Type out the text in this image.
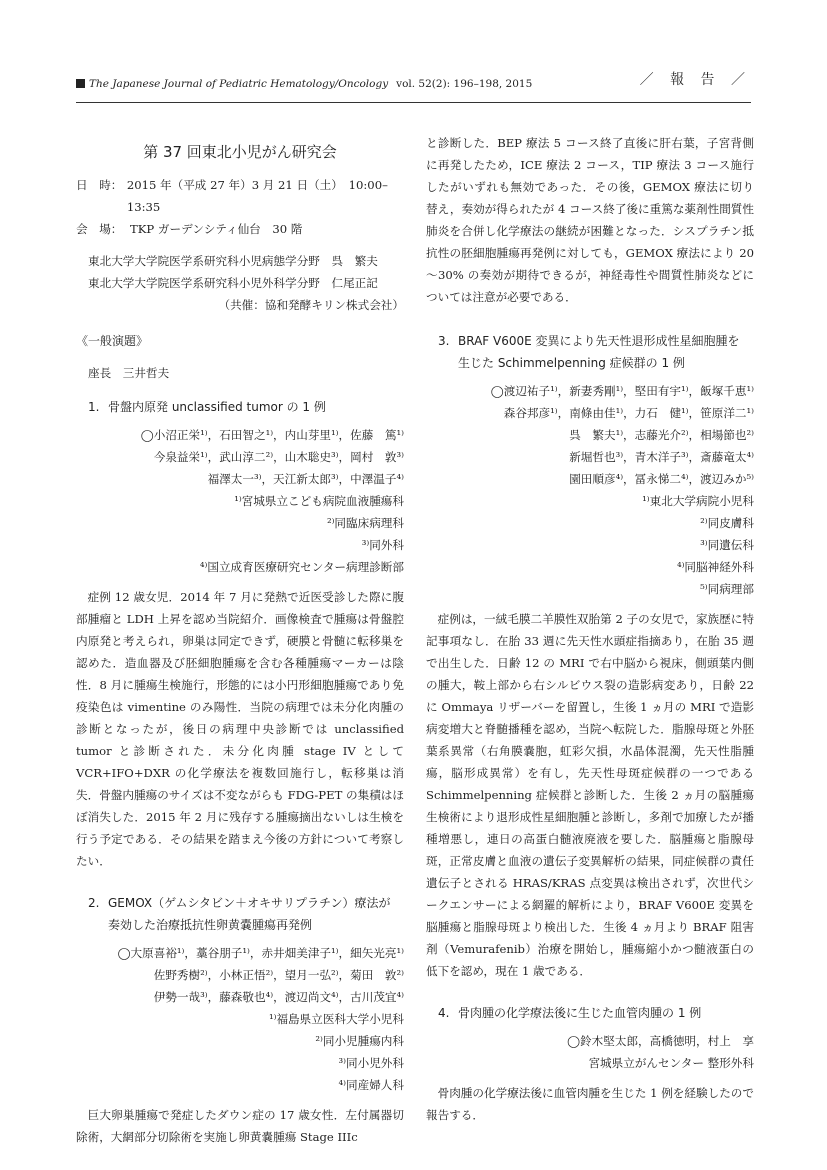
The Japanese Journal of Pediatric Hematology/Oncology vol. 52(2): 196–198, 2015	／ 報 告 ／
第 37 回東北小児がん研究会
日　時： 2015 年（平成 27 年）3 月 21 日（土）　10:00–13:35
会　場： TKP ガーデンシティ仙台　30 階
東北大学大学院医学系研究科小児病態学分野　呉　繁夫
東北大学大学院医学系研究科小児外科学分野　仁尾正記
（共催：協和発酵キリン株式会社）
《一般演題》
座長　三井哲夫
1. 骨盤内原発 unclassified tumor の 1 例
◯小沼正栄¹⁾，石田智之¹⁾，内山芽里¹⁾，佐藤　篤¹⁾
今泉益栄¹⁾，武山淳二²⁾，山木聡史³⁾，岡村　敦³⁾
福澤太一³⁾，天江新太郎³⁾，中澤温子⁴⁾
¹⁾宮城県立こども病院血液腫瘍科
²⁾同臨床病理科
³⁾同外科
⁴⁾国立成育医療研究センター病理診断部

症例 12 歳女児．2014 年 7 月に発熱で近医受診した際に腹部腫瘤と LDH 上昇を認め当院紹介．画像検査で腫瘍は骨盤腔内原発と考えられ，卵巣は同定できず，硬膜と骨髄に転移巣を認めた．造血器及び胚細胞腫瘍を含む各種腫瘍マーカーは陰性．8 月に腫瘍生検施行，形態的には小円形細胞腫瘍であり免疫染色は vimentine のみ陽性．当院の病理では未分化肉腫の診断となったが，後日の病理中央診断では unclassified tumor と診断された．未分化肉腫 stage IV として VCR+IFO+DXR の化学療法を複数回施行し，転移巣は消失．骨盤内腫瘍のサイズは不変ながらも FDG-PET の集積はほぼ消失した．2015 年 2 月に残存する腫瘍摘出ないしは生検を行う予定である．その結果を踏まえ今後の方針について考察したい．

2. GEMOX（ゲムシタビン＋オキサリプラチン）療法が
奏効した治療抵抗性卵黄嚢腫瘍再発例
◯大原喜裕¹⁾，藁谷朋子¹⁾，赤井畑美津子¹⁾，細矢光亮¹⁾
佐野秀樹²⁾，小林正悟²⁾，望月一弘²⁾，菊田　敦²⁾
伊勢一哉³⁾，藤森敬也⁴⁾，渡辺尚文⁴⁾，古川茂宜⁴⁾
¹⁾福島県立医科大学小児科
²⁾同小児腫瘍内科
³⁾同小児外科
⁴⁾同産婦人科

巨大卵巣腫瘍で発症したダウン症の 17 歳女性．左付属器切除術，大網部分切除術を実施し卵黄嚢腫瘍 Stage IIIc

と診断した．BEP 療法 5 コース終了直後に肝右葉，子宮背側に再発したため，ICE 療法 2 コース，TIP 療法 3 コース施行したがいずれも無効であった．その後，GEMOX 療法に切り替え，奏効が得られたが 4 コース終了後に重篤な薬剤性間質性肺炎を合併し化学療法の継続が困難となった．シスプラチン抵抗性の胚細胞腫瘍再発例に対しても，GEMOX 療法により 20～30% の奏効が期待できるが，神経毒性や間質性肺炎などについては注意が必要である．

3. BRAF V600E 変異により先天性退形成性星細胞腫を
生じた Schimmelpenning 症候群の 1 例
◯渡辺祐子¹⁾，新妻秀剛¹⁾，堅田有宇¹⁾，飯塚千恵¹⁾
森谷邦彦¹⁾，南條由佳¹⁾，力石　健¹⁾，笹原洋二¹⁾
呉　繁夫¹⁾，志藤光介²⁾，相場節也²⁾
新堀哲也³⁾，青木洋子³⁾，斎藤竜太⁴⁾
園田順彦⁴⁾，冨永悌二⁴⁾，渡辺みか⁵⁾
¹⁾東北大学病院小児科
²⁾同皮膚科
³⁾同遺伝科
⁴⁾同脳神経外科
⁵⁾同病理部

症例は，一絨毛膜二羊膜性双胎第 2 子の女児で，家族歴に特記事項なし．在胎 33 週に先天性水頭症指摘あり，在胎 35 週で出生した．日齢 12 の MRI で右中脳から視床，側頭葉内側の腫大，鞍上部から右シルビウス裂の造影病変あり，日齢 22 に Ommaya リザーバーを留置し，生後 1 ヵ月の MRI で造影病変増大と脊髄播種を認め，当院へ転院した．脂腺母斑と外胚葉系異常（右角膜嚢胞，虹彩欠損，水晶体混濁，先天性脂腫瘍，脳形成異常）を有し，先天性母斑症候群の一つである Schimmelpenning 症候群と診断した．生後 2 ヵ月の脳腫瘍生検術により退形成性星細胞腫と診断し，多剤で加療したが播種増悪し，連日の高蛋白髄液廃液を要した．脳腫瘍と脂腺母斑，正常皮膚と血液の遺伝子変異解析の結果，同症候群の責任遺伝子とされる HRAS/KRAS 点変異は検出されず，次世代シークエンサーによる網羅的解析により，BRAF V600E 変異を脳腫瘍と脂腺母斑より検出した．生後 4 ヵ月より BRAF 阻害剤（Vemurafenib）治療を開始し，腫瘍縮小かつ髄液蛋白の低下を認め，現在 1 歳である．

4. 骨肉腫の化学療法後に生じた血管肉腫の 1 例
◯鈴木堅太郎，高橋徳明，村上　享
宮城県立がんセンター 整形外科

骨肉腫の化学療法後に血管肉腫を生じた 1 例を経験したので報告する．
